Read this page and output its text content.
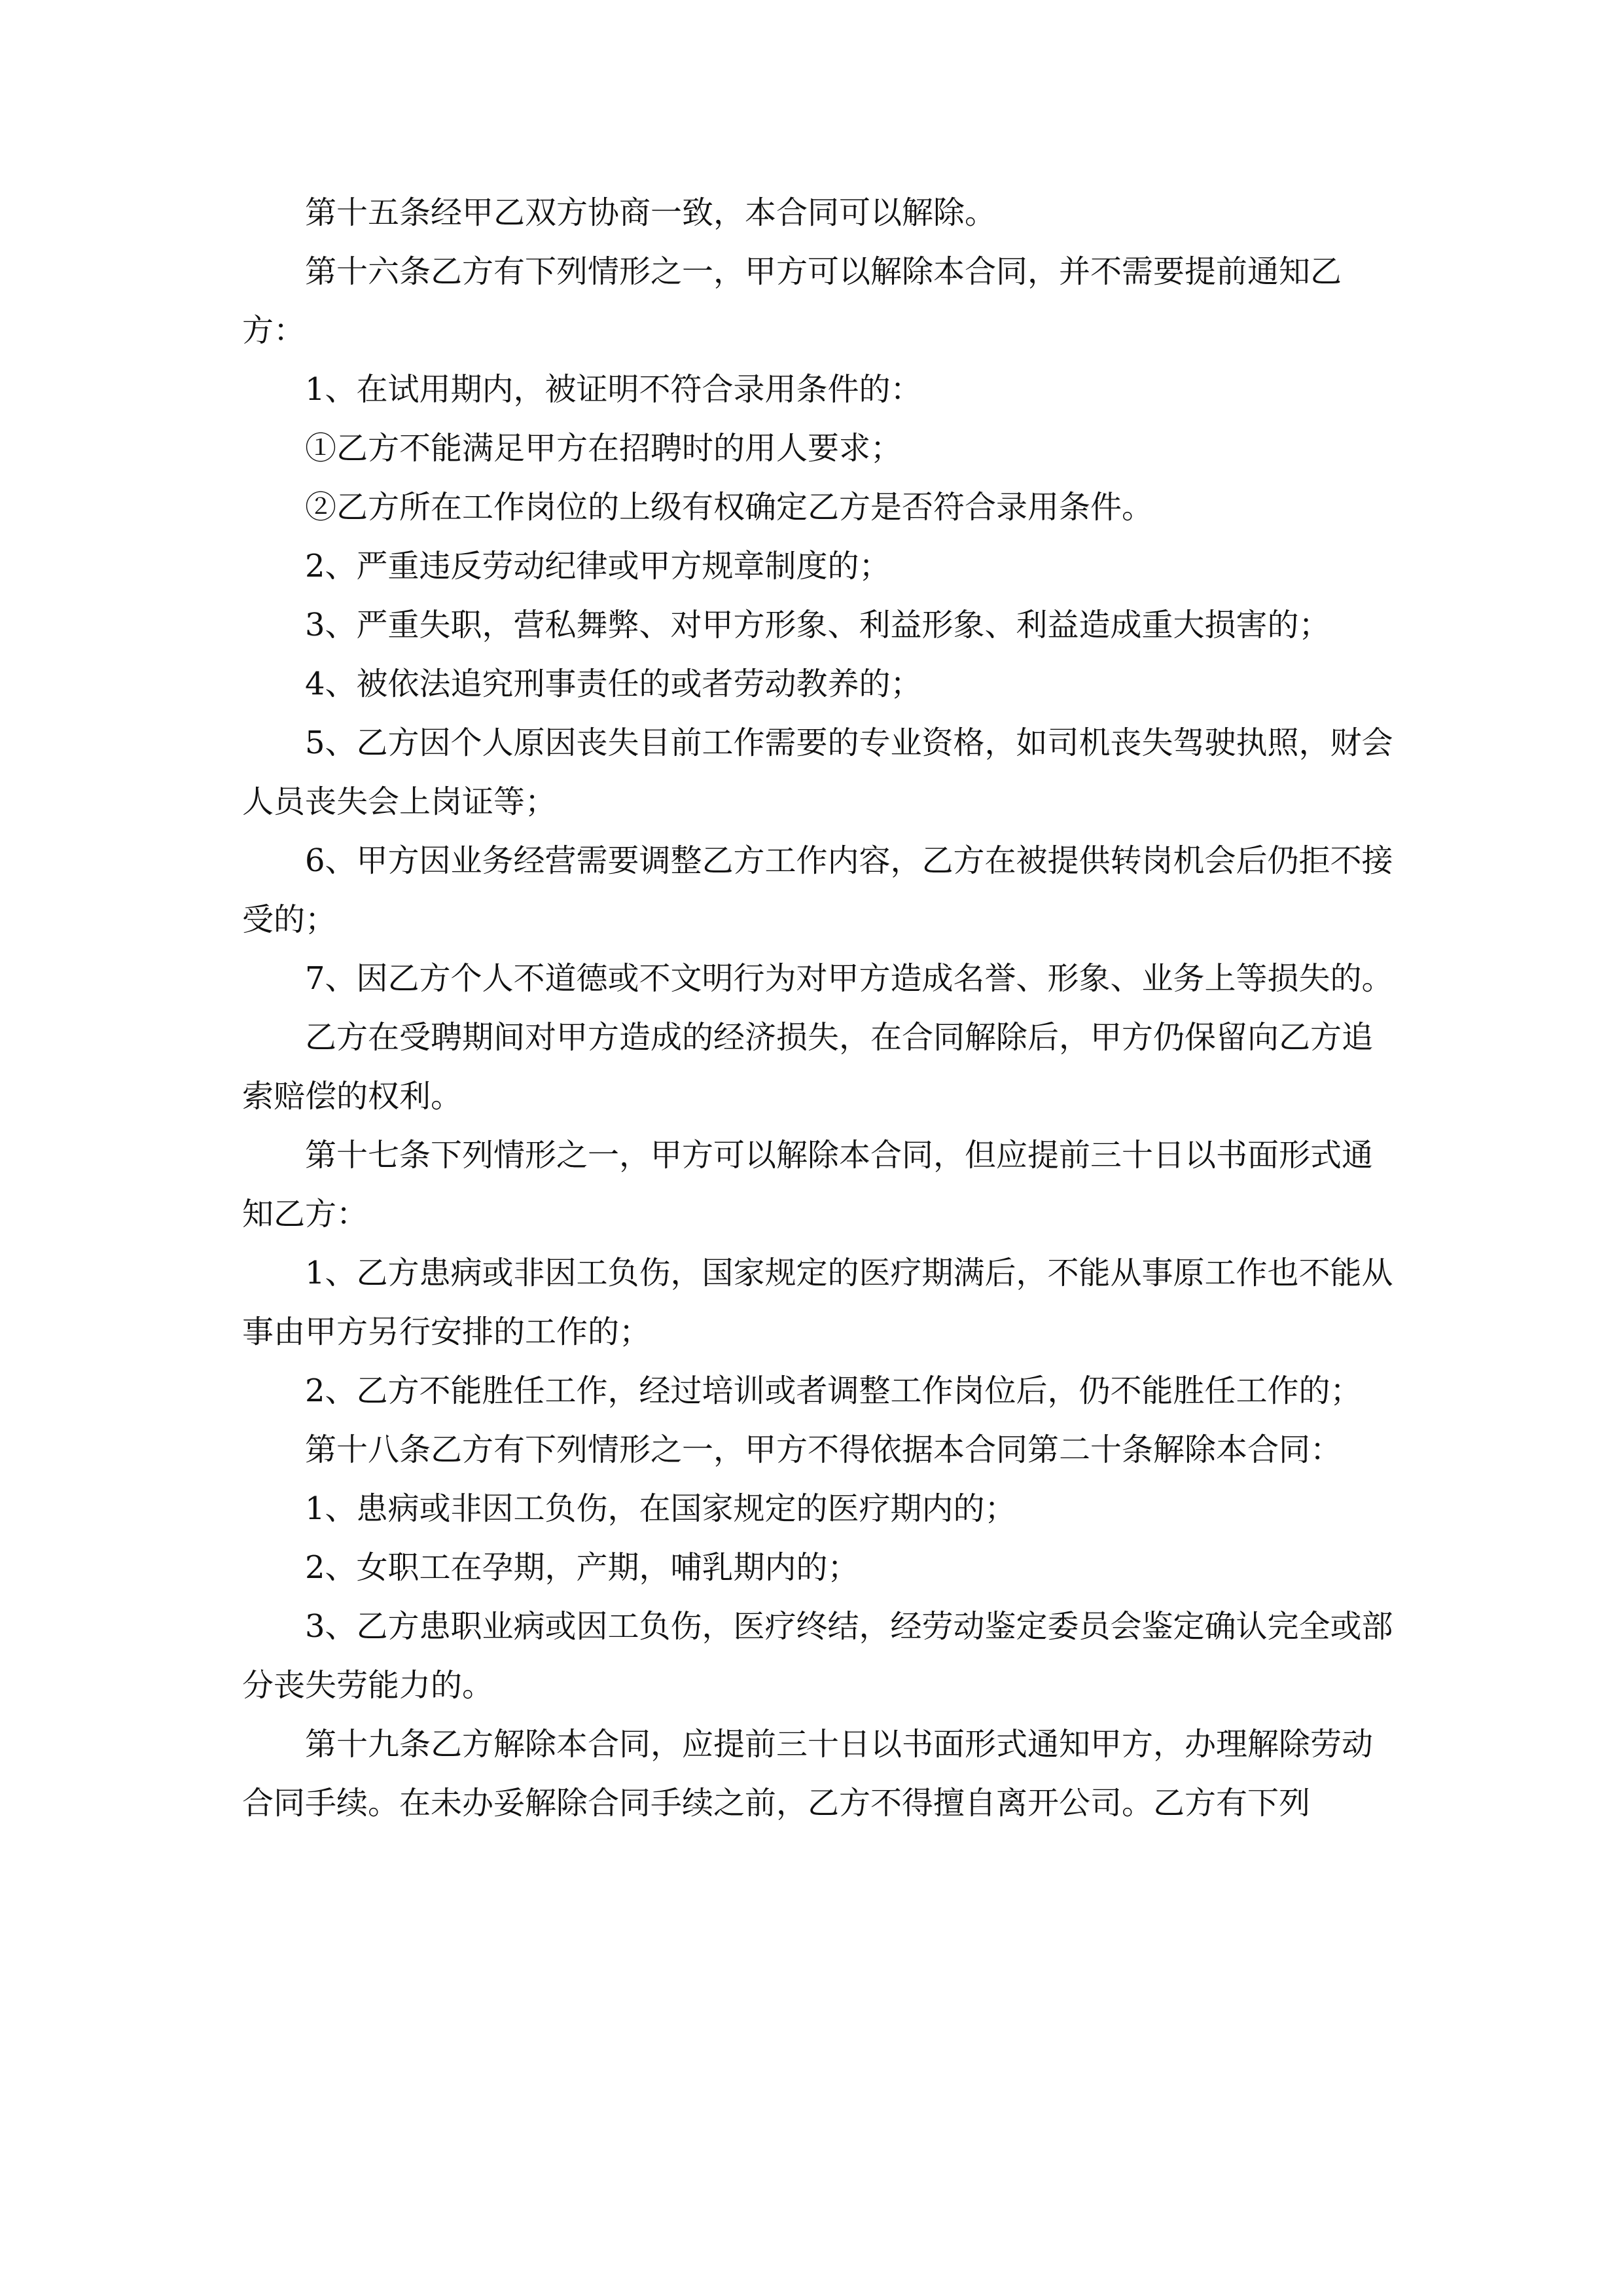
第十五条经甲乙双方协商一致，本合同可以解除。

第十六条乙方有下列情形之一，甲方可以解除本合同，并不需要提前通知乙方：

1、在试用期内，被证明不符合录用条件的：

①乙方不能满足甲方在招聘时的用人要求；

②乙方所在工作岗位的上级有权确定乙方是否符合录用条件。

2、严重违反劳动纪律或甲方规章制度的；

3、严重失职，营私舞弊、对甲方形象、利益形象、利益造成重大损害的；

4、被依法追究刑事责任的或者劳动教养的；

5、乙方因个人原因丧失目前工作需要的专业资格，如司机丧失驾驶执照，财会人员丧失会上岗证等；

6、甲方因业务经营需要调整乙方工作内容，乙方在被提供转岗机会后仍拒不接受的；

7、因乙方个人不道德或不文明行为对甲方造成名誉、形象、业务上等损失的。

乙方在受聘期间对甲方造成的经济损失，在合同解除后，甲方仍保留向乙方追索赔偿的权利。

第十七条下列情形之一，甲方可以解除本合同，但应提前三十日以书面形式通知乙方：

1、乙方患病或非因工负伤，国家规定的医疗期满后，不能从事原工作也不能从事由甲方另行安排的工作的；

2、乙方不能胜任工作，经过培训或者调整工作岗位后，仍不能胜任工作的；

第十八条乙方有下列情形之一，甲方不得依据本合同第二十条解除本合同：

1、患病或非因工负伤，在国家规定的医疗期内的；

2、女职工在孕期，产期，哺乳期内的；

3、乙方患职业病或因工负伤，医疗终结，经劳动鉴定委员会鉴定确认完全或部分丧失劳能力的。

第十九条乙方解除本合同，应提前三十日以书面形式通知甲方，办理解除劳动合同手续。在未办妥解除合同手续之前，乙方不得擅自离开公司。乙方有下列
